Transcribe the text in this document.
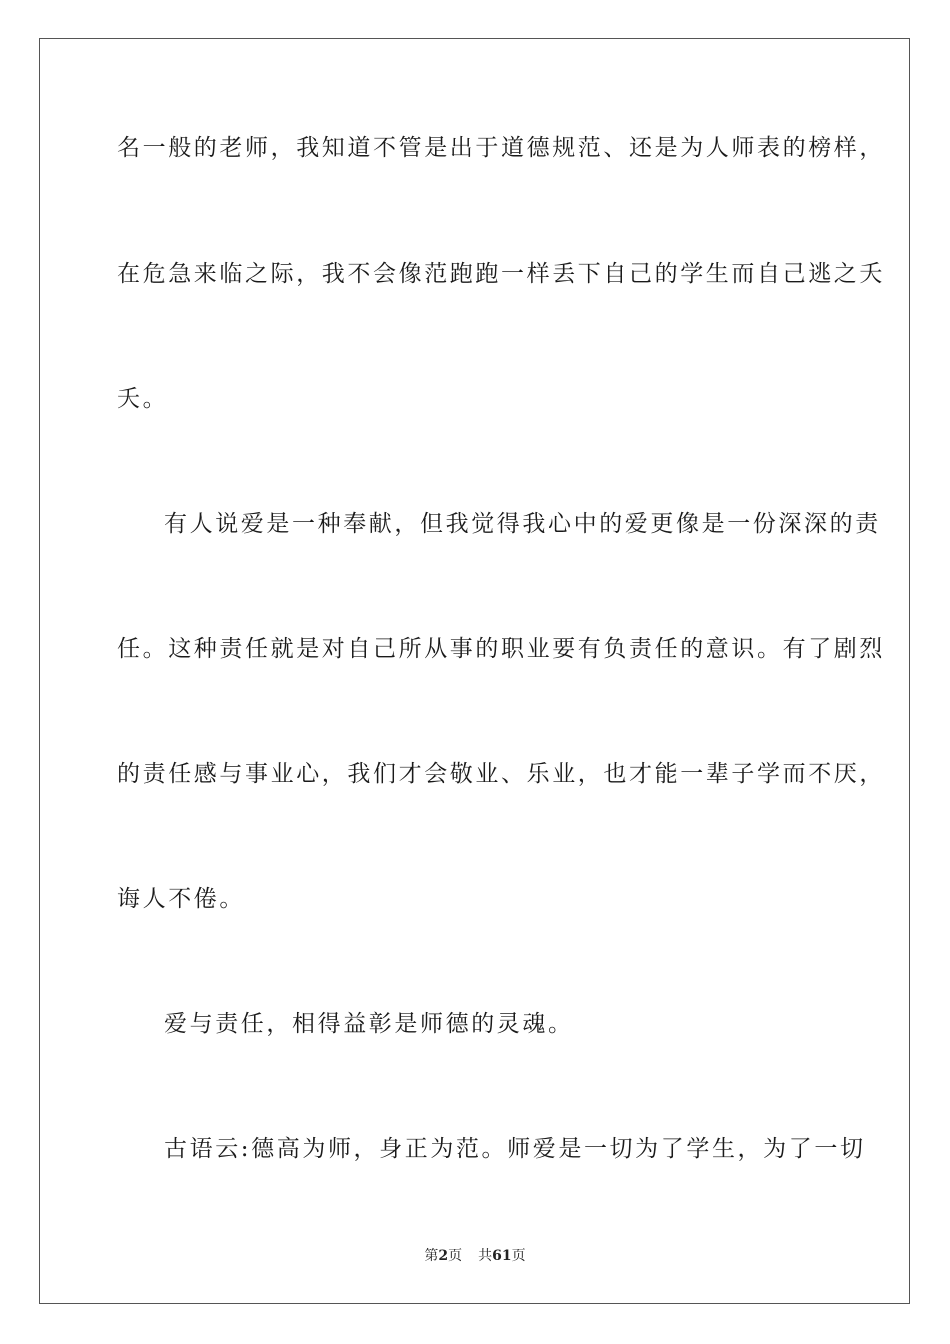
名一般的老师，我知道不管是出于道德规范、还是为人师表的榜样，
在危急来临之际，我不会像范跑跑一样丢下自己的学生而自己逃之夭
夭。
有人说爱是一种奉献，但我觉得我心中的爱更像是一份深深的责
任。这种责任就是对自己所从事的职业要有负责任的意识。有了剧烈
的责任感与事业心，我们才会敬业、乐业，也才能一辈子学而不厌，
诲人不倦。
爱与责任，相得益彰是师德的灵魂。
古语云:德高为师，身正为范。师爱是一切为了学生，为了一切
第2页 共61页
